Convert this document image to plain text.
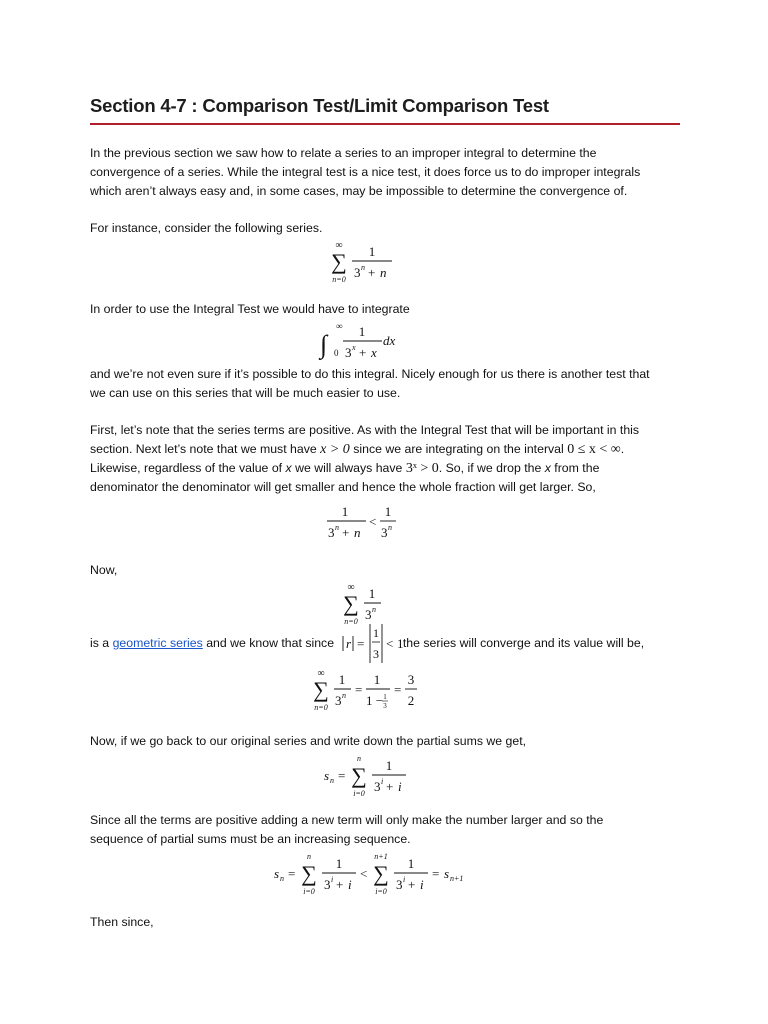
Section 4-7 : Comparison Test/Limit Comparison Test
In the previous section we saw how to relate a series to an improper integral to determine the
convergence of a series. While the integral test is a nice test, it does force us to do improper integrals
which aren’t always easy and, in some cases, may be impossible to determine the convergence of.
For instance, consider the following series.
∞
∑
n=0
1
3 n + n
In order to use the Integral Test we would have to integrate
∫ 0
∞ 1
3 x + x
dx
and we’re not even sure if it’s possible to do this integral. Nicely enough for us there is another test that
we can use on this series that will be much easier to use.
First, let’s note that the series terms are positive. As with the Integral Test that will be important in this
section. Next let’s note that we must have x > 0 since we are integrating on the interval 0 ≤ x < ∞.
Likewise, regardless of the value of x we will always have 3ˣ > 0. So, if we drop the x from the
denominator the denominator will get smaller and hence the whole fraction will get larger. So,
1
3 n + n
<
1
3 n
Now,
∞
∑
n=0
1
3 n
is a geometric series and we know that since	the series will converge and its value will be,
r =
1
3
< 1
∞
∑
n=0
1
3 n =
1
1 − 1
3
=
3
2
Now, if we go back to our original series and write down the partial sums we get,
s n =
n
∑
i=0
1
3 i + i
Since all the terms are positive adding a new term will only make the number larger and so the
sequence of partial sums must be an increasing sequence.
s n =
n
∑
i=0
1
3 i + i
<
n+1
∑
i=0
1
3 i + i
= s n+1
Then since,
